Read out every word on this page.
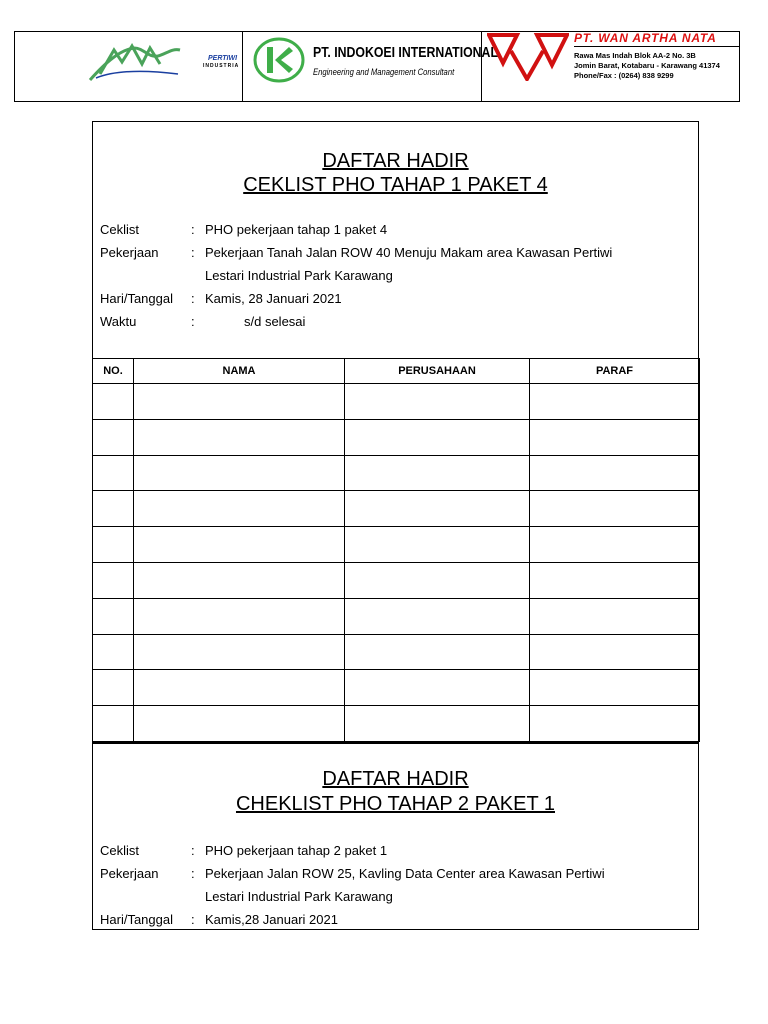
PERTIWI
INDUSTRIA
PT. INDOKOEI INTERNATIONAL
Engineering and Management Consultant
PT. WAN ARTHA NATA
Rawa Mas Indah Blok AA-2 No. 3B
Jomin Barat, Kotabaru - Karawang 41374
Phone/Fax : (0264) 838 9299
DAFTAR HADIR
CEKLIST PHO TAHAP 1 PAKET 4
Ceklist	: PHO pekerjaan tahap 1 paket 4
Pekerjaan : Pekerjaan Tanah Jalan ROW 40 Menuju Makam area Kawasan Pertiwi
Lestari Industrial Park Karawang
Hari/Tanggal : Kamis, 28 Januari 2021
Waktu	:	s/d selesai
NO.	NAMA	PERUSAHAAN	PARAF

DAFTAR HADIR
CHEKLIST PHO TAHAP 2 PAKET 1
Ceklist	: PHO pekerjaan tahap 2 paket 1
Pekerjaan : Pekerjaan Jalan ROW 25, Kavling Data Center area Kawasan Pertiwi
Lestari Industrial Park Karawang
Hari/Tanggal : Kamis,28 Januari 2021
